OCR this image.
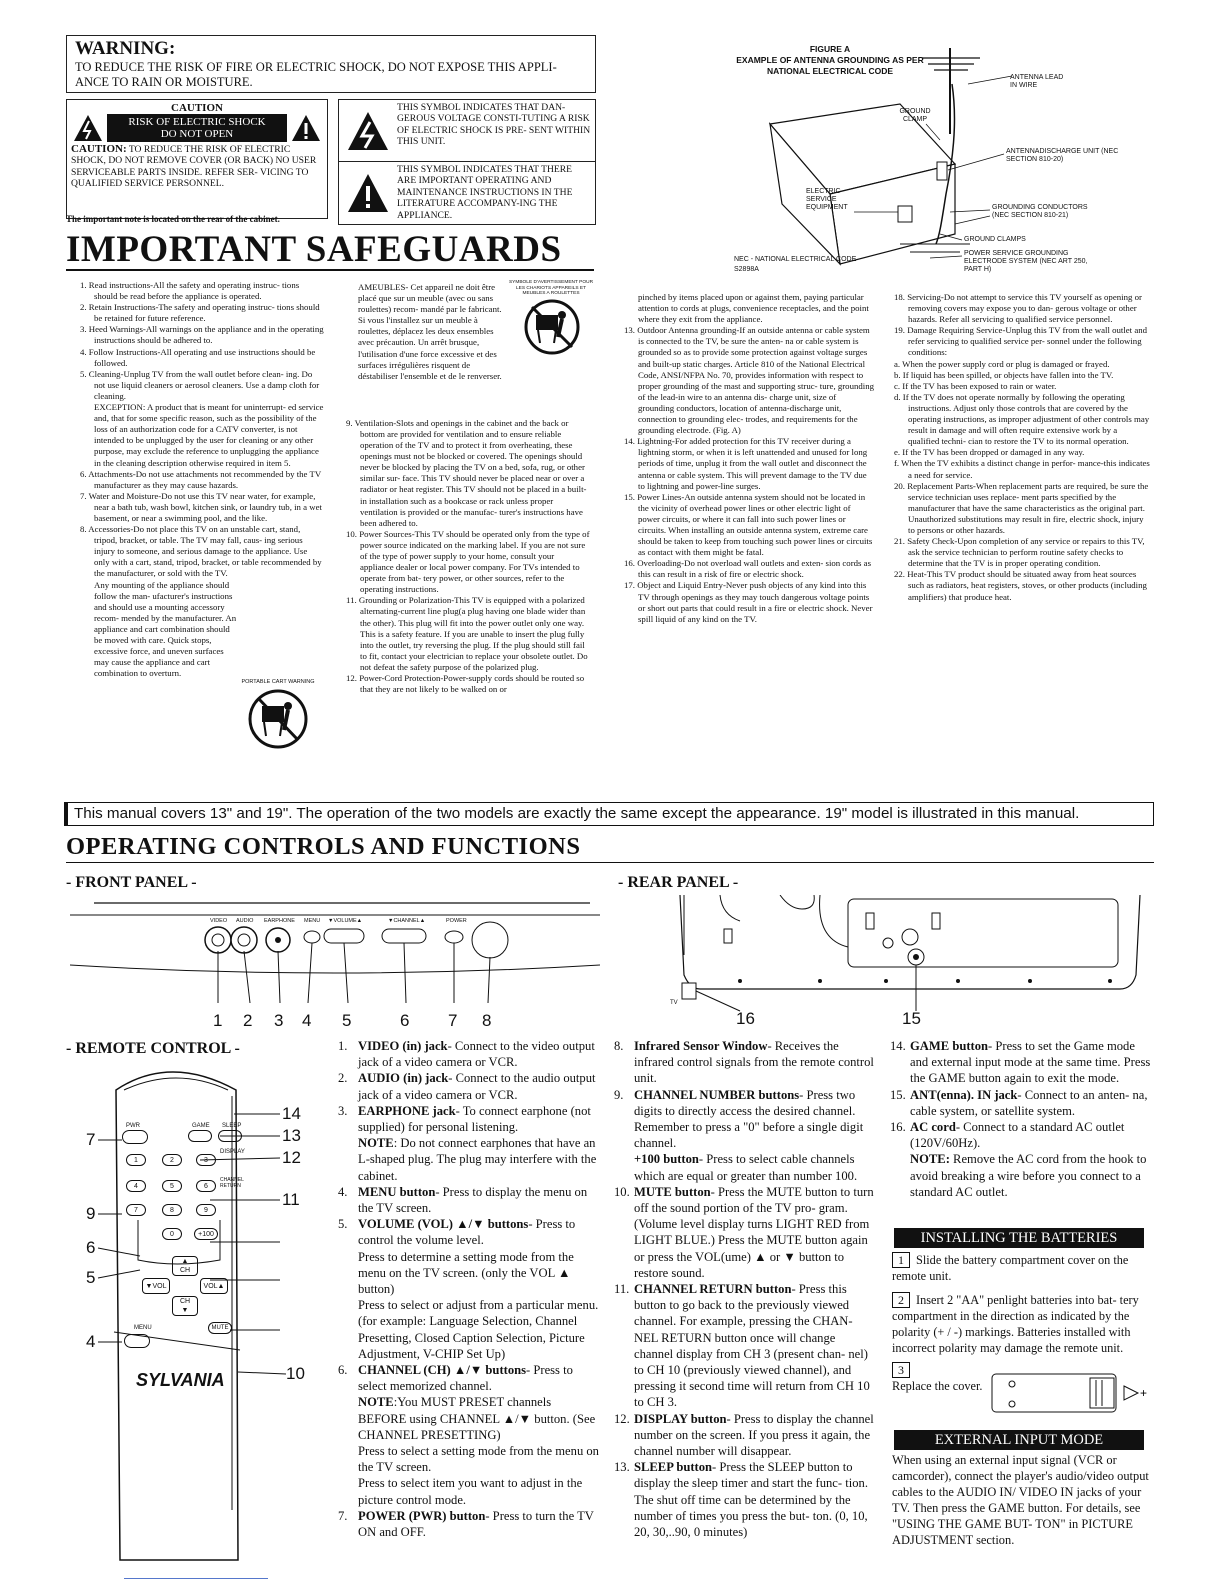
WARNING:
TO REDUCE THE RISK OF FIRE OR ELECTRIC SHOCK, DO NOT EXPOSE THIS APPLI- ANCE TO RAIN OR MOISTURE.
CAUTION
RISK OF ELECTRIC SHOCK
DO NOT OPEN
CAUTION: TO REDUCE THE RISK OF ELECTRIC SHOCK, DO NOT REMOVE COVER (OR BACK) NO USER SERVICEABLE PARTS INSIDE. REFER SER- VICING TO QUALIFIED SERVICE PERSONNEL.
The important note is located on the rear of the cabinet.
THIS SYMBOL INDICATES THAT DAN- GEROUS VOLTAGE CONSTI-TUTING A RISK OF ELECTRIC SHOCK IS PRE- SENT WITHIN THIS UNIT.
THIS SYMBOL INDICATES THAT THERE ARE IMPORTANT OPERATING AND MAINTENANCE INSTRUCTIONS IN THE LITERATURE ACCOMPANY-ING THE APPLIANCE.
FIGURE A
EXAMPLE OF ANTENNA GROUNDING AS PER
NATIONAL ELECTRICAL CODE
ANTENNA LEAD IN WIRE
GROUND CLAMP
ANTENNADISCHARGE UNIT (NEC SECTION 810-20)
ELECTRIC SERVICE EQUIPMENT	GROUNDING CONDUCTORS (NEC SECTION 810-21)
GROUND CLAMPS
POWER SERVICE GROUNDING ELECTRODE SYSTEM (NEC ART 250, PART H)
NEC - NATIONAL ELECTRICAL CODE
S2898A
IMPORTANT SAFEGUARDS

1. Read instructions-All the safety and operating instruc- tions should be read before the appliance is operated.

2. Retain Instructions-The safety and operating instruc- tions should be retained for future reference.

3. Heed Warnings-All warnings on the appliance and in the operating instructions should be adhered to.

4. Follow Instructions-All operating and use instructions should be followed.

5. Cleaning-Unplug TV from the wall outlet before clean- ing. Do not use liquid cleaners or aerosol cleaners. Use a damp cloth for cleaning.

EXCEPTION: A product that is meant for uninterrupt- ed service and, that for some specific reason, such as the possibility of the loss of an authorization code for a CATV converter, is not intended to be unplugged by the user for cleaning or any other purpose, may exclude the reference to unplugging the appliance in the cleaning description otherwise required in item 5.

6. Attachments-Do not use attachments not recommended by the TV manufacturer as they may cause hazards.

7. Water and Moisture-Do not use this TV near water, for example, near a bath tub, wash bowl, kitchen sink, or laundry tub, in a wet basement, or near a swimming pool, and the like.

8. Accessories-Do not place this TV on an unstable cart, stand, tripod, bracket, or table. The TV may fall, caus- ing serious injury to someone, and serious damage to the appliance. Use only with a cart, stand, tripod, bracket, or table recommended by the manufacturer, or sold with the TV.

Any mounting of the appliance should follow the man- ufacturer's instructions and should use a mounting accessory recom- mended by the manufacturer. An appliance and cart combination should be moved with care. Quick stops, excessive force, and uneven surfaces may cause the appliance and cart combination to overturn.

PORTABLE CART WARNING

AMEUBLES- Cet appareil ne doit être placé que sur un meuble (avec ou sans roulettes) recom- mandé par le fabricant. Si vous l'installez sur un meuble à roulettes, déplacez les deux ensembles avec précaution. Un arrêt brusque, l'utilisation d'une force excessive et des surfaces irrégulières risquent de déstabiliser l'ensemble et de le renverser.

9. Ventilation-Slots and openings in the cabinet and the back or bottom are provided for ventilation and to ensure reliable operation of the TV and to protect it from overheating, these openings must not be blocked or covered. The openings should never be blocked by placing the TV on a bed, sofa, rug, or other similar sur- face. This TV should never be placed near or over a radiator or heat register. This TV should not be placed in a built-in installation such as a bookcase or rack unless proper ventilation is provided or the manufac- turer's instructions have been adhered to.

10. Power Sources-This TV should be operated only from the type of power source indicated on the marking label. If you are not sure of the type of power supply to your home, consult your appliance dealer or local power company. For TVs intended to operate from bat- tery power, or other sources, refer to the operating instructions.

11. Grounding or Polarization-This TV is equipped with a polarized alternating-current line plug(a plug having one blade wider than the other). This plug will fit into the power outlet only one way. This is a safety feature. If you are unable to insert the plug fully into the outlet, try reversing the plug. If the plug should still fail to fit, contact your electrician to replace your obsolete outlet. Do not defeat the safety purpose of the polarized plug.

12. Power-Cord Protection-Power-supply cords should be routed so that they are not likely to be walked on or

SYMBOLE D'AVERTISSEMENT POUR LES CHARIOTS APPAREILS ET MEUBLES A ROULETTES	pinched by items placed upon or against them, paying particular attention to cords at plugs, convenience receptacles, and the point where they exit from the appliance.

13. Outdoor Antenna grounding-If an outside antenna or cable system is connected to the TV, be sure the anten- na or cable system is grounded so as to provide some protection against voltage surges and built-up static charges. Article 810 of the National Electrical Code, ANSI/NFPA No. 70, provides information with respect to proper grounding of the mast and supporting struc- ture, grounding of the lead-in wire to an antenna dis- charge unit, size of grounding conductors, location of antenna-discharge unit, connection to grounding elec- trodes, and requirements for the grounding electrode. (Fig. A)

14. Lightning-For added protection for this TV receiver during a lightning storm, or when it is left unattended and unused for long periods of time, unplug it from the wall outlet and disconnect the antenna or cable system. This will prevent damage to the TV due to lightning and power-line surges.

15. Power Lines-An outside antenna system should not be located in the vicinity of overhead power lines or other electric light of power circuits, or where it can fall into such power lines or circuits. When installing an outside antenna system, extreme care should be taken to keep from touching such power lines or circuits as contact with them might be fatal.

16. Overloading-Do not overload wall outlets and exten- sion cords as this can result in a risk of fire or electric shock.

17. Object and Liquid Entry-Never push objects of any kind into this TV through openings as they may touch dangerous voltage points or short out parts that could result in a fire or electric shock. Never spill liquid of any kind on the TV.

18. Servicing-Do not attempt to service this TV yourself as opening or removing covers may expose you to dan- gerous voltage or other hazards. Refer all servicing to qualified service personnel.

19. Damage Requiring Service-Unplug this TV from the wall outlet and refer servicing to qualified service per- sonnel under the following conditions:

a. When the power supply cord or plug is damaged or frayed.

b. If liquid has been spilled, or objects have fallen into the TV.

c. If the TV has been exposed to rain or water.

d. If the TV does not operate normally by following the operating instructions. Adjust only those controls that are covered by the operating instructions, as improper adjustment of other controls may result in damage and will often require extensive work by a qualified techni- cian to restore the TV to its normal operation.

e. If the TV has been dropped or damaged in any way.

f. When the TV exhibits a distinct change in perfor- mance-this indicates a need for service.

20. Replacement Parts-When replacement parts are required, be sure the service technician uses replace- ment parts specified by the manufacturer that have the same characteristics as the original part. Unauthorized substitutions may result in fire, electric shock, injury to persons or other hazards.

21. Safety Check-Upon completion of any service or repairs to this TV, ask the service technician to perform routine safety checks to determine that the TV is in proper operating condition.

22. Heat-This TV product should be situated away from heat sources such as radiators, heat registers, stoves, or other products (including amplifiers) that produce heat.

This manual covers 13" and 19". The operation of the two models are exactly the same except the appearance. 19" model is illustrated in this manual.
OPERATING CONTROLS AND FUNCTIONS
- FRONT PANEL -	- REAR PANEL -
VIDEO AUDIO EARPHONE MENU ▼VOLUME▲	▼CHANNEL▲	POWER
1 2 3 4 5	6 7 8
TV
16	15
- REMOTE CONTROL -
PWR	GAME SLEEP
DISPLAY
1	2	3
4	5	6
CHANNEL RETURN
7	8	9
0	+100
▲
CH
▼VOL	VOL▲
CH
▼
MUTE
MENU
SYLVANIA
14
13
12
11
10
7
9
6
5
4
1. VIDEO (in) jack- Connect to the video output jack of a video camera or VCR.
2. AUDIO (in) jack- Connect to the audio output jack of a video camera or VCR.
3. EARPHONE jack- To connect earphone (not supplied) for personal listening.
NOTE: Do not connect earphones that have an L-shaped plug. The plug may interfere with the cabinet.
4. MENU button- Press to display the menu on the TV screen.
5. VOLUME (VOL) ▲/▼ buttons- Press to control the volume level.
Press to determine a setting mode from the menu on the TV screen. (only the VOL ▲ button)
Press to select or adjust from a particular menu. (for example: Language Selection, Channel Presetting, Closed Caption Selection, Picture Adjustment, V-CHIP Set Up)
6. CHANNEL (CH) ▲/▼ buttons- Press to select memorized channel.
NOTE:You MUST PRESET channels BEFORE using CHANNEL ▲/▼ button. (See CHANNEL PRESETTING)
Press to select a setting mode from the menu on the TV screen.
Press to select item you want to adjust in the picture control mode.
7. POWER (PWR) button- Press to turn the TV ON and OFF.
8. Infrared Sensor Window- Receives the infrared control signals from the remote control unit.
9. CHANNEL NUMBER buttons- Press two digits to directly access the desired channel. Remember to press a "0" before a single digit channel.
+100 button- Press to select cable channels which are equal or greater than number 100.
10. MUTE button- Press the MUTE button to turn off the sound portion of the TV pro- gram. (Volume level display turns LIGHT RED from LIGHT BLUE.) Press the MUTE button again or press the VOL(ume) ▲ or ▼ button to restore sound.
11. CHANNEL RETURN button- Press this button to go back to the previously viewed channel. For example, pressing the CHAN- NEL RETURN button once will change channel display from CH 3 (present chan- nel) to CH 10 (previously viewed channel), and pressing it second time will return from CH 10 to CH 3.
12. DISPLAY button- Press to display the channel number on the screen. If you press it again, the channel number will disappear.
13. SLEEP button- Press the SLEEP button to display the sleep timer and start the func- tion. The shut off time can be determined by the number of times you press the but- ton. (0, 10, 20, 30,..90, 0 minutes)
14. GAME button- Press to set the Game mode and external input mode at the same time. Press the GAME button again to exit the mode.
15. ANT(enna). IN jack- Connect to an anten- na, cable system, or satellite system.
16. AC cord- Connect to a standard AC outlet (120V/60Hz).
NOTE: Remove the AC cord from the hook to avoid breaking a wire before you connect to a standard AC outlet.
INSTALLING THE BATTERIES
1 Slide the battery compartment cover on the remote unit.
2 Insert 2 "AA" penlight batteries into bat- tery compartment in the direction as indicated by the polarity (+ / -) markings. Batteries installed with incorrect polarity may damage the remote unit.
3
Replace the cover.	+
EXTERNAL INPUT MODE
When using an external input signal (VCR or camcorder), connect the player's audio/video output cables to the AUDIO IN/ VIDEO IN jacks of your TV. Then press the GAME button. For details, see "USING THE GAME BUT- TON" in PICTURE ADJUSTMENT section.
